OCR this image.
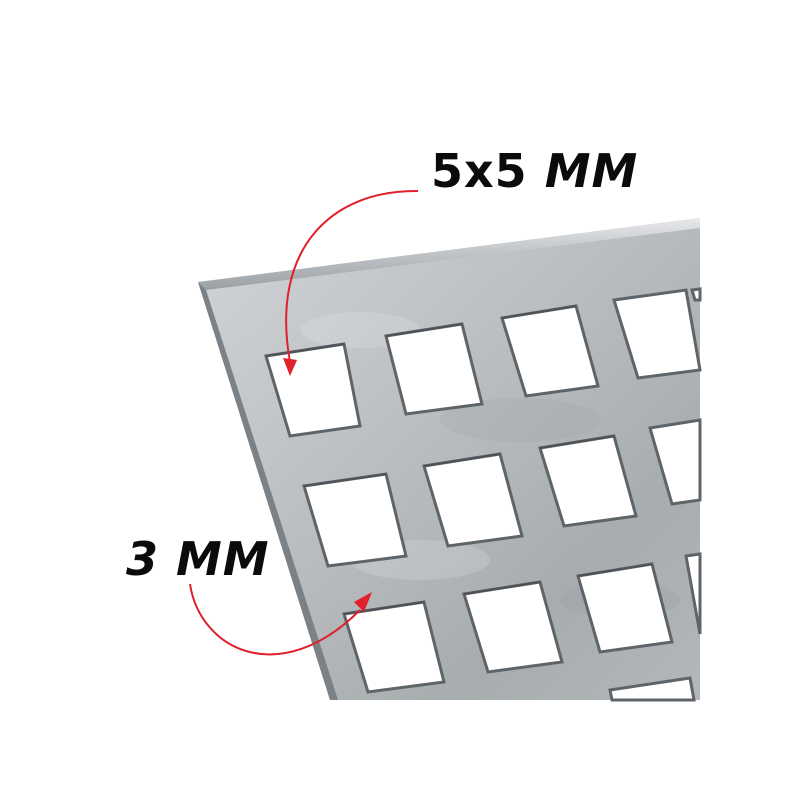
5x5 MM
3 MM
